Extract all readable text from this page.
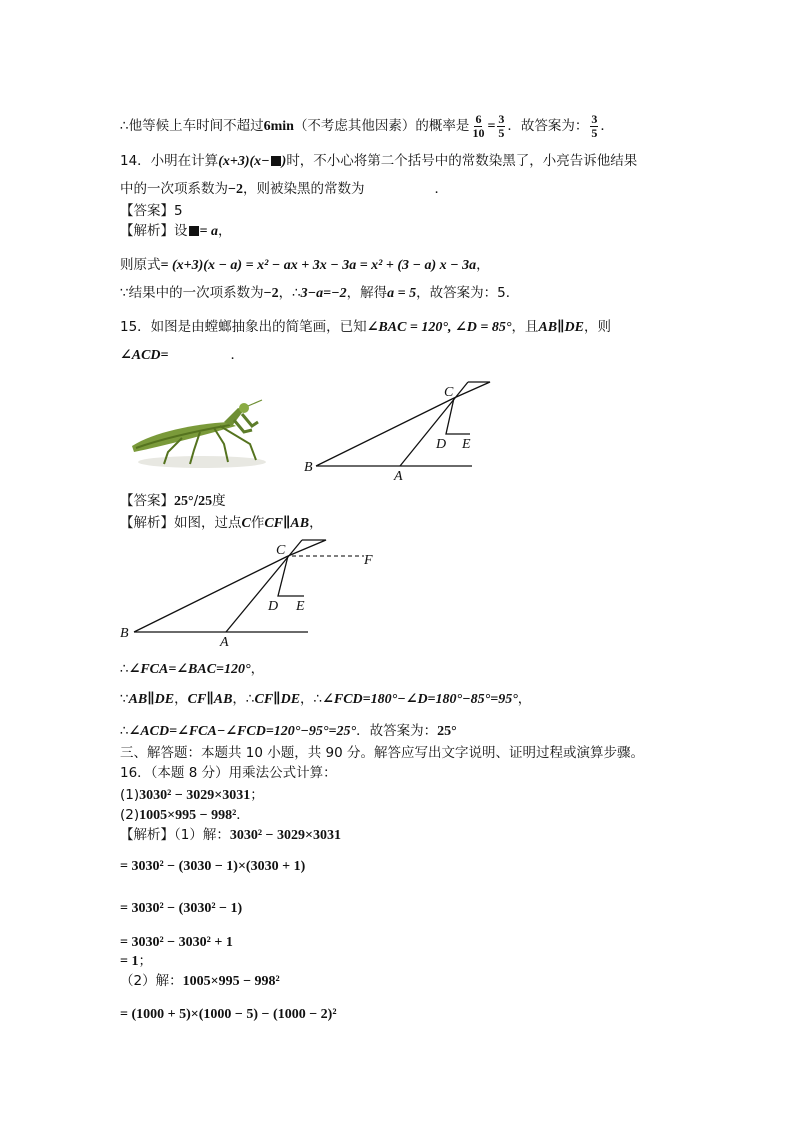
∴他等候上车时间不超过6min（不考虑其他因素）的概率是 $\frac{6}{10} = \frac{3}{5}$ ．故答案为： $\frac{3}{5}$ ．
14．小明在计算(x+3)(x− )时，不小心将第二个括号中的常数染黑了，小亮告诉他结果
中的一次项系数为−2，则被染黑的常数为	．
【答案】5
【解析】设 = a，
则原式= (x+3)(x − a) = x² − ax + 3x − 3a = x² + (3 − a) x − 3a，
∵结果中的一次项系数为−2，∴3−a=−2，解得a = 5，故答案为：5．
15．如图是由螳螂抽象出的简笔画，已知∠BAC = 120°, ∠D = 85°，且AB∥DE，则
∠ACD=	．
B
A
C
D E
【答案】25°/25度
【解析】如图，过点C作CF∥AB，
B
A
C
D E
F
∴∠FCA=∠BAC=120°，
∵AB∥DE，CF∥AB，∴CF∥DE，∴∠FCD=180°−∠D=180°−85°=95°，
∴∠ACD=∠FCA−∠FCD=120°−95°=25°．故答案为：25°
三、解答题：本题共 10 小题，共 90 分。解答应写出文字说明、证明过程或演算步骤。
16．（本题 8 分）用乘法公式计算：
(1)3030² − 3029×3031；
(2)1005×995 − 998²．
【解析】（1）解：3030² − 3029×3031
= 3030² − (3030 − 1)×(3030 + 1)
= 3030² − (3030² − 1)
= 3030² − 3030² + 1
= 1；
（2）解：1005×995 − 998²
= (1000 + 5)×(1000 − 5) − (1000 − 2)²
